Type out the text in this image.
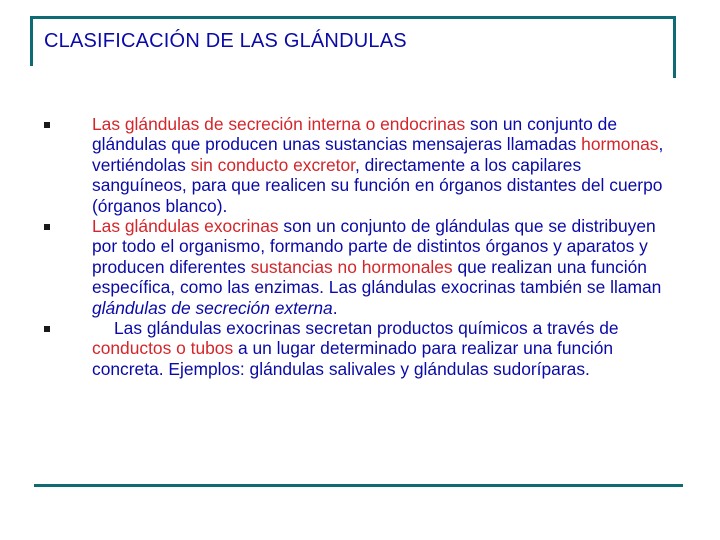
CLASIFICACIÓN DE LAS GLÁNDULAS
Las glándulas de secreción interna o endocrinas son un conjunto de glándulas que producen unas sustancias mensajeras llamadas hormonas, vertiéndolas sin conducto excretor, directamente a los capilares sanguíneos, para que realicen su función en órganos distantes del cuerpo (órganos blanco).
Las glándulas exocrinas son un conjunto de glándulas que se distribuyen por todo el organismo, formando parte de distintos órganos y aparatos y producen diferentes sustancias no hormonales que realizan una función específica, como las enzimas. Las glándulas exocrinas también se llaman glándulas de secreción externa.
Las glándulas exocrinas secretan productos químicos a través de conductos o tubos a un lugar determinado para realizar una función concreta. Ejemplos: glándulas salivales y glándulas sudoríparas.
